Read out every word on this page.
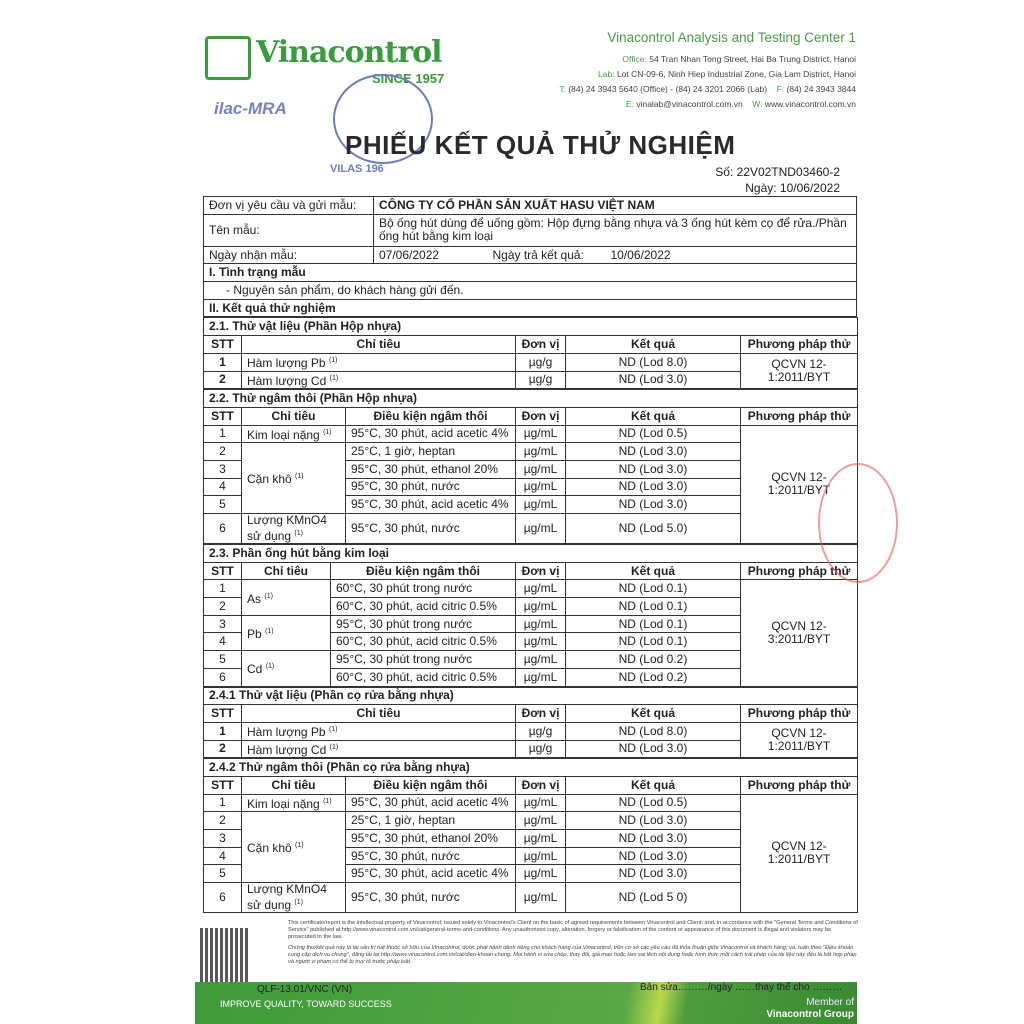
Vinacontrol
SINCE 1957
ilac-MRA
VILAS 196

Vinacontrol Analysis and Testing Center 1

Office: 54 Tran Nhan Tong Street, Hai Ba Trung District, Hanoi
Lab: Lot CN-09-6, Ninh Hiep Industrial Zone, Gia Lam District, Hanoi
T: (84) 24 3943 5640 (Office) - (84) 24 3201 2066 (Lab) F: (84) 24 3943 3844
E: vinalab@vinacontrol.com.vn W: www.vinacontrol.com.vn
PHIẾU KẾT QUẢ THỬ NGHIỆM
Số: 22V02TND03460-2
Ngày: 10/06/2022
Đơn vị yêu cầu và gửi mẫu:	CÔNG TY CỔ PHẦN SẢN XUẤT HASU VIỆT NAM		
Tên mẫu:	Bộ ống hút dùng để uống gồm: Hộp đựng bằng nhựa và 3 ống hút kèm cọ để rửa./Phần ống hút bằng kim loại		
Ngày nhận mẫu:	07/06/2022	Ngày trả kết quả:	10/06/2022
I. Tình trạng mẫu			
- Nguyên sản phẩm, do khách hàng gửi đến.			
II. Kết quả thử nghiệm			
2.1. Thử vật liệu (Phần Hộp nhựa)				
STT	Chỉ tiêu	Đơn vị	Kết quả	Phương pháp thử
1	Hàm lượng Pb $^{(1)}$	µg/g	ND (Lod 8.0)	QCVN 12-1:2011/BYT
2	Hàm lượng Cd $^{(1)}$	µg/g	ND (Lod 3.0)	
2.2. Thử ngâm thôi (Phần Hộp nhựa)					
STT	Chỉ tiêu	Điều kiện ngâm thôi	Đơn vị	Kết quả	Phương pháp thử
1	Kim loại nặng $^{(1)}$	95°C, 30 phút, acid acetic 4%	µg/mL	ND (Lod 0.5)	QCVN 12-1:2011/BYT
2	Cặn khô $^{(1)}$	25°C, 1 giờ, heptan	µg/mL	ND (Lod 3.0)	
3		95°C, 30 phút, ethanol 20%	µg/mL	ND (Lod 3.0)	
4		95°C, 30 phút, nước	µg/mL	ND (Lod 3.0)	
5		95°C, 30 phút, acid acetic 4%	µg/mL	ND (Lod 3.0)	
6	Lượng KMnO4 sử dụng $^{(1)}$	95°C, 30 phút, nước	µg/mL	ND (Lod 5.0)	
2.3. Phần ống hút bằng kim loại					
STT	Chỉ tiêu	Điều kiện ngâm thôi	Đơn vị	Kết quả	Phương pháp thử
1	As $^{(1)}$	60°C, 30 phút trong nước	µg/mL	ND (Lod 0.1)	QCVN 12-3:2011/BYT
2		60°C, 30 phút, acid citric 0.5%	µg/mL	ND (Lod 0.1)	
3	Pb $^{(1)}$	95°C, 30 phút trong nước	µg/mL	ND (Lod 0.1)	
4		60°C, 30 phút, acid citric 0.5%	µg/mL	ND (Lod 0.1)	
5	Cd $^{(1)}$	95°C, 30 phút trong nước	µg/mL	ND (Lod 0.2)	
6		60°C, 30 phút, acid citric 0.5%	µg/mL	ND (Lod 0.2)	
2.4.1 Thử vật liệu (Phần cọ rửa bằng nhựa)				
STT	Chỉ tiêu	Đơn vị	Kết quả	Phương pháp thử
1	Hàm lượng Pb $^{(1)}$	µg/g	ND (Lod 8.0)	QCVN 12-1:2011/BYT
2	Hàm lượng Cd $^{(1)}$	µg/g	ND (Lod 3.0)	
2.4.2 Thử ngâm thôi (Phần cọ rửa bằng nhựa)					
STT	Chỉ tiêu	Điều kiện ngâm thôi	Đơn vị	Kết quả	Phương pháp thử
1	Kim loại nặng $^{(1)}$	95°C, 30 phút, acid acetic 4%	µg/mL	ND (Lod 0.5)	QCVN 12-1:2011/BYT
2	Cặn khô $^{(1)}$	25°C, 1 giờ, heptan	µg/mL	ND (Lod 3.0)	
3		95°C, 30 phút, ethanol 20%	µg/mL	ND (Lod 3.0)	
4		95°C, 30 phút, nước	µg/mL	ND (Lod 3.0)	
5		95°C, 30 phút, acid acetic 4%	µg/mL	ND (Lod 3.0)	
6	Lượng KMnO4 sử dụng $^{(1)}$	95°C, 30 phút, nước	µg/mL	ND (Lod 5 0)	

This certificate/report is the intellectual property of Vinacontrol; issued solely to Vinacontrol's Client on the basic of agreed requirements between Vinacontrol and Client; and, in accordance with the "General Terms and Conditions of Service" published at http://www.vinacontrol.com.vn/cat/general-terms-and-conditions. Any unauthorized copy, alteration, forgery or falsification of the content or appearance of this document is illegal and violators may be prosecuted to the law.

Chứng thư/kết quả này là tài sản trí tuệ thuộc sở hữu của Vinacontrol, được phát hành dành riêng cho khách hàng của Vinacontrol, trên cơ sở các yêu cầu đã thỏa thuận giữa Vinacontrol và khách hàng; và, tuân theo "Điều khoản cung cấp dịch vụ chung", đăng tải tại http://www.vinacontrol.com.vn/cat/dieu-khoan-chung. Mọi hành vi sửa chép, thay đổi, giả mạo hoặc làm sai lệch nội dung hoặc hình thức một cách trái phép của tài liệu này đều là bất hợp pháp và người vi phạm có thể bị truy tố trước pháp luật.

QLF-13.01/VNC (VN)
IMPROVE QUALITY, TOWARD SUCCESS
Bản sửa………/ngày ……thay thế cho ………
Member of
Vinacontrol Group
